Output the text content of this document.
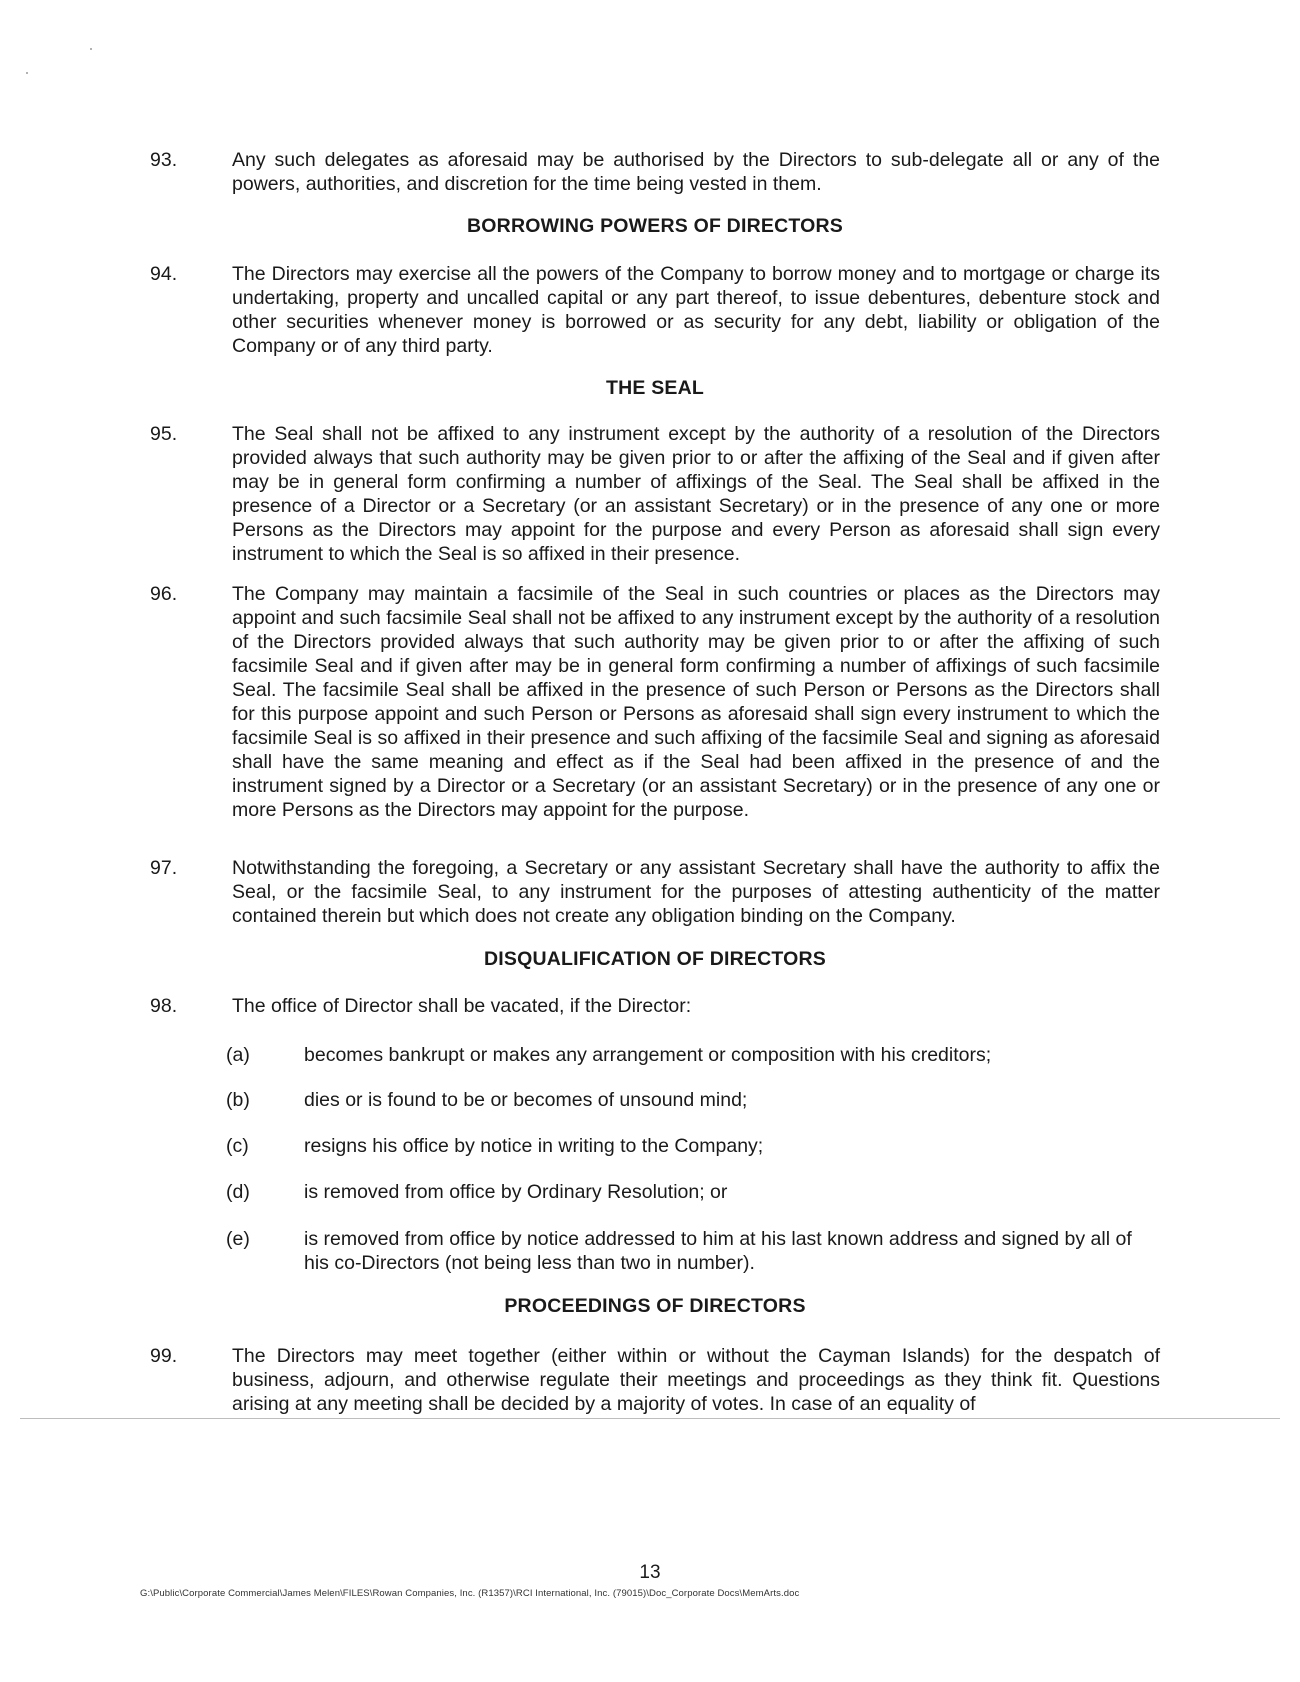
93.	Any such delegates as aforesaid may be authorised by the Directors to sub-delegate all or any of the powers, authorities, and discretion for the time being vested in them.
BORROWING POWERS OF DIRECTORS
94.	The Directors may exercise all the powers of the Company to borrow money and to mortgage or charge its undertaking, property and uncalled capital or any part thereof, to issue debentures, debenture stock and other securities whenever money is borrowed or as security for any debt, liability or obligation of the Company or of any third party.
THE SEAL
95.	The Seal shall not be affixed to any instrument except by the authority of a resolution of the Directors provided always that such authority may be given prior to or after the affixing of the Seal and if given after may be in general form confirming a number of affixings of the Seal. The Seal shall be affixed in the presence of a Director or a Secretary (or an assistant Secretary) or in the presence of any one or more Persons as the Directors may appoint for the purpose and every Person as aforesaid shall sign every instrument to which the Seal is so affixed in their presence.
96.	The Company may maintain a facsimile of the Seal in such countries or places as the Directors may appoint and such facsimile Seal shall not be affixed to any instrument except by the authority of a resolution of the Directors provided always that such authority may be given prior to or after the affixing of such facsimile Seal and if given after may be in general form confirming a number of affixings of such facsimile Seal. The facsimile Seal shall be affixed in the presence of such Person or Persons as the Directors shall for this purpose appoint and such Person or Persons as aforesaid shall sign every instrument to which the facsimile Seal is so affixed in their presence and such affixing of the facsimile Seal and signing as aforesaid shall have the same meaning and effect as if the Seal had been affixed in the presence of and the instrument signed by a Director or a Secretary (or an assistant Secretary) or in the presence of any one or more Persons as the Directors may appoint for the purpose.
97.	Notwithstanding the foregoing, a Secretary or any assistant Secretary shall have the authority to affix the Seal, or the facsimile Seal, to any instrument for the purposes of attesting authenticity of the matter contained therein but which does not create any obligation binding on the Company.
DISQUALIFICATION OF DIRECTORS
98.	The office of Director shall be vacated, if the Director:
(a)	becomes bankrupt or makes any arrangement or composition with his creditors;
(b)	dies or is found to be or becomes of unsound mind;
(c)	resigns his office by notice in writing to the Company;
(d)	is removed from office by Ordinary Resolution; or
(e)	is removed from office by notice addressed to him at his last known address and signed by all of his co-Directors (not being less than two in number).
PROCEEDINGS OF DIRECTORS
99.	The Directors may meet together (either within or without the Cayman Islands) for the despatch of business, adjourn, and otherwise regulate their meetings and proceedings as they think fit. Questions arising at any meeting shall be decided by a majority of votes. In case of an equality of
13
G:\Public\Corporate Commercial\James Melen\FILES\Rowan Companies, Inc. (R1357)\RCI International, Inc. (79015)\Doc_Corporate Docs\MemArts.doc
